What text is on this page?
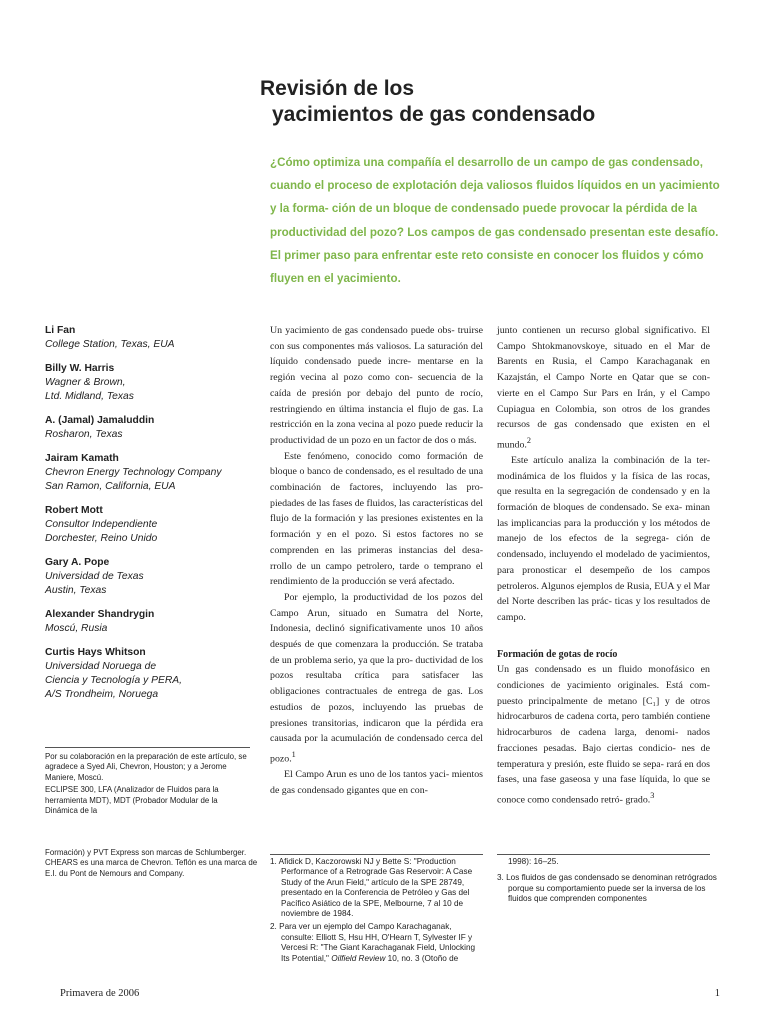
Revisión de los
yacimientos de gas condensado
¿Cómo optimiza una compañía el desarrollo de un campo de gas condensado, cuando el proceso de explotación deja valiosos fluidos líquidos en un yacimiento y la forma- ción de un bloque de condensado puede provocar la pérdida de la productividad del pozo? Los campos de gas condensado presentan este desafío. El primer paso para enfrentar este reto consiste en conocer los fluidos y cómo fluyen en el yacimiento.
Li Fan
College Station, Texas, EUA
Billy W. Harris
Wagner & Brown,
Ltd. Midland, Texas
A. (Jamal) Jamaluddin
Rosharon, Texas
Jairam Kamath
Chevron Energy Technology Company
San Ramon, California, EUA
Robert Mott
Consultor Independiente
Dorchester, Reino Unido
Gary A. Pope
Universidad de Texas
Austin, Texas
Alexander Shandrygin
Moscú, Rusia
Curtis Hays Whitson
Universidad Noruega de
Ciencia y Tecnología y PERA,
A/S Trondheim, Noruega

Por su colaboración en la preparación de este artículo, se agradece a Syed Ali, Chevron, Houston; y a Jerome Maniere, Moscú.

ECLIPSE 300, LFA (Analizador de Fluidos para la herramienta MDT), MDT (Probador Modular de la Dinámica de la

Formación) y PVT Express son marcas de Schlumberger. CHEARS es una marca de Chevron. Teflón es una marca de

E.I. du Pont de Nemours and Company.

Un yacimiento de gas condensado puede obs- truirse con sus componentes más valiosos. La saturación del líquido condensado puede incre- mentarse en la región vecina al pozo como con- secuencia de la caída de presión por debajo del punto de rocío, restringiendo en última instancia el flujo de gas. La restricción en la zona vecina al pozo puede reducir la productividad de un pozo en un factor de dos o más.

Este fenómeno, conocido como formación de bloque o banco de condensado, es el resultado de una combinación de factores, incluyendo las pro- piedades de las fases de fluidos, las características del flujo de la formación y las presiones existentes en la formación y en el pozo. Si estos factores no se comprenden en las primeras instancias del desa- rrollo de un campo petrolero, tarde o temprano el rendimiento de la producción se verá afectado.

Por ejemplo, la productividad de los pozos del Campo Arun, situado en Sumatra del Norte, Indonesia, declinó significativamente unos 10 años después de que comenzara la producción. Se trataba de un problema serio, ya que la pro- ductividad de los pozos resultaba crítica para satisfacer las obligaciones contractuales de entrega de gas. Los estudios de pozos, incluyendo las pruebas de presiones transitorias, indicaron que la pérdida era causada por la acumulación de condensado cerca del pozo.$^1$

El Campo Arun es uno de los tantos yaci- mientos de gas condensado gigantes que en con-

junto contienen un recurso global significativo. El Campo Shtokmanovskoye, situado en el Mar de Barents en Rusia, el Campo Karachaganak en Kazajstán, el Campo Norte en Qatar que se con- vierte en el Campo Sur Pars en Irán, y el Campo Cupiagua en Colombia, son otros de los grandes recursos de gas condensado que existen en el mundo.$^2$

Este artículo analiza la combinación de la ter- modinámica de los fluidos y la física de las rocas, que resulta en la segregación de condensado y en la formación de bloques de condensado. Se exa- minan las implicancias para la producción y los métodos de manejo de los efectos de la segrega- ción de condensado, incluyendo el modelado de yacimientos, para pronosticar el desempeño de los campos petroleros. Algunos ejemplos de Rusia, EUA y el Mar del Norte describen las prác- ticas y los resultados de campo.

Formación de gotas de rocío

Un gas condensado es un fluido monofásico en condiciones de yacimiento originales. Está com- puesto principalmente de metano [C₁] y de otros hidrocarburos de cadena corta, pero también contiene hidrocarburos de cadena larga, denomi- nados fracciones pesadas. Bajo ciertas condicio- nes de temperatura y presión, este fluido se sepa- rará en dos fases, una fase gaseosa y una fase líquida, lo que se conoce como condensado retró- grado.$^3$

1. Afidick D, Kaczorowski NJ y Bette S: "Production Performance of a Retrograde Gas Reservoir: A Case Study of the Arun Field," artículo de la SPE 28749, presentado en la Conferencia de Petróleo y Gas del Pacífico Asiático de la SPE, Melbourne, 7 al 10 de noviembre de 1984.
2. Para ver un ejemplo del Campo Karachaganak, consulte: Elliott S, Hsu HH, O'Hearn T, Sylvester IF y Vercesi R: "The Giant Karachaganak Field, Unlocking Its Potential," Oilfield Review 10, no. 3 (Otoño de
1998): 16–25.
3. Los fluidos de gas condensado se denominan retrógrados porque su comportamiento puede ser la inversa de los fluidos que comprenden componentes
Primavera de 2006	1
